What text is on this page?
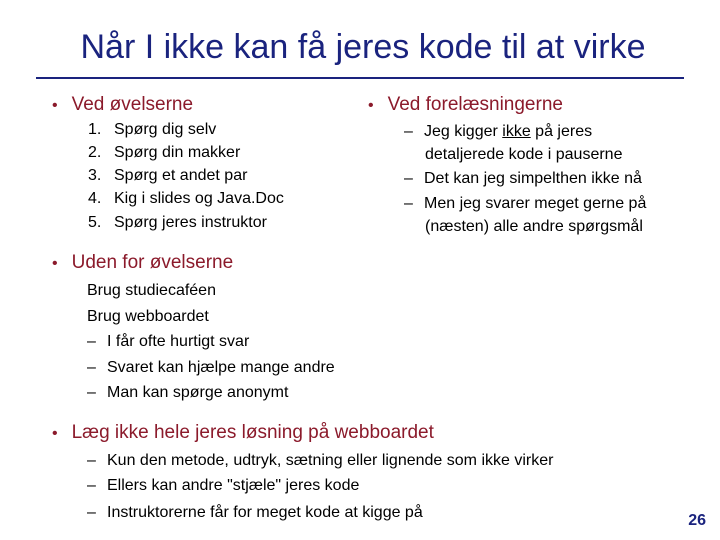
Når I ikke kan få jeres kode til at virke
• Ved øvelserne
1. Spørg dig selv
2. Spørg din makker
3. Spørg et andet par
4. Kig i slides og Java.Doc
5. Spørg jeres instruktor
• Ved forelæsningerne
– Jeg kigger ikke på jeres
detaljerede kode i pauserne
– Det kan jeg simpelthen ikke nå
– Men jeg svarer meget gerne på
(næsten) alle andre spørgsmål
• Uden for øvelserne
Brug studiecaféen
Brug webboardet
– I får ofte hurtigt svar
– Svaret kan hjælpe mange andre
– Man kan spørge anonymt
• Læg ikke hele jeres løsning på webboardet
– Kun den metode, udtryk, sætning eller lignende som ikke virker
– Ellers kan andre "stjæle" jeres kode
– Instruktorerne får for meget kode at kigge på	26
